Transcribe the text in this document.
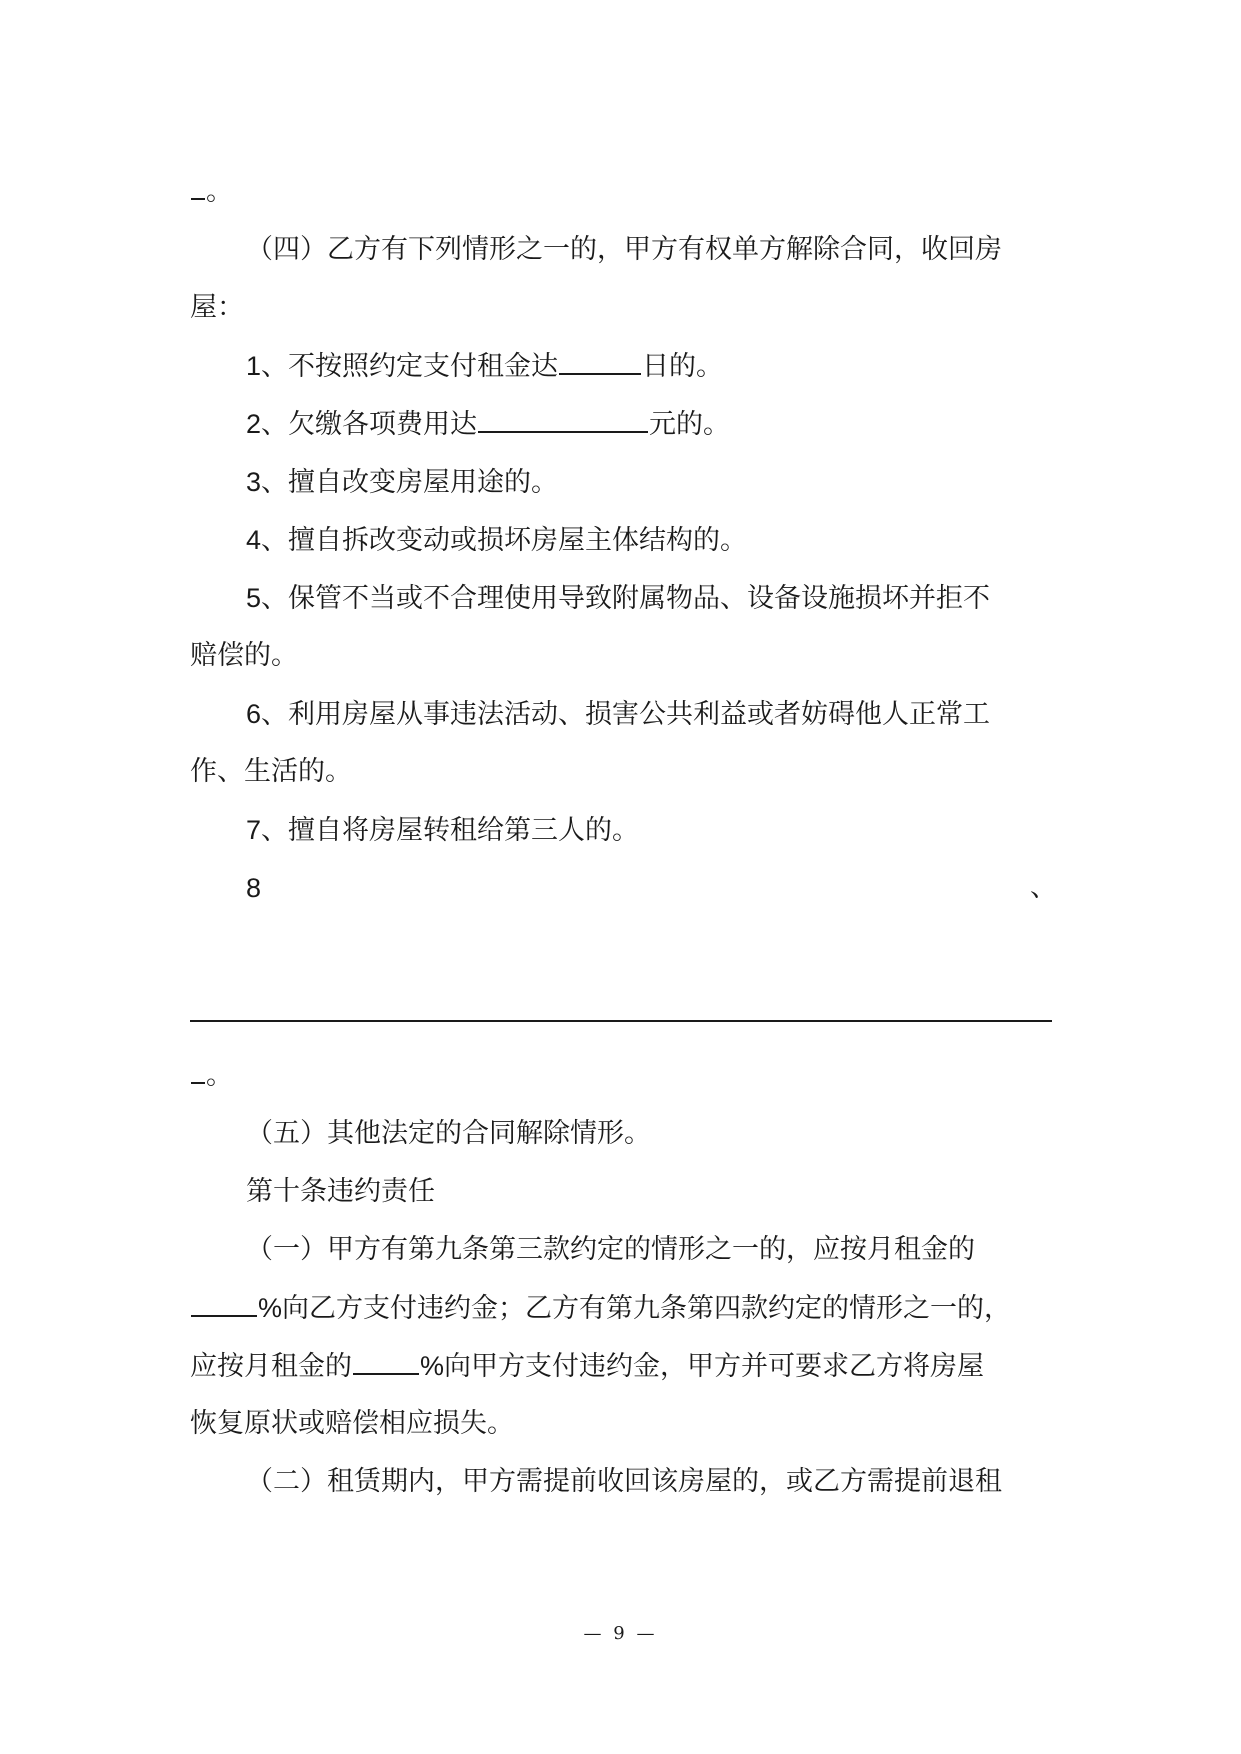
。
（四）乙方有下列情形之一的，甲方有权单方解除合同，收回房
屋：
1、不按照约定支付租金达	日的。
2、欠缴各项费用达	元的。
3、擅自改变房屋用途的。
4、擅自拆改变动或损坏房屋主体结构的。
5、保管不当或不合理使用导致附属物品、设备设施损坏并拒不
赔偿的。
6、利用房屋从事违法活动、损害公共利益或者妨碍他人正常工
作、生活的。
7、擅自将房屋转租给第三人的。
8	、
。
（五）其他法定的合同解除情形。
第十条违约责任
（一）甲方有第九条第三款约定的情形之一的，应按月租金的
%向乙方支付违约金；乙方有第九条第四款约定的情形之一的，
应按月租金的	%向甲方支付违约金，甲方并可要求乙方将房屋
恢复原状或赔偿相应损失。
（二）租赁期内，甲方需提前收回该房屋的，或乙方需提前退租
— 9 —
